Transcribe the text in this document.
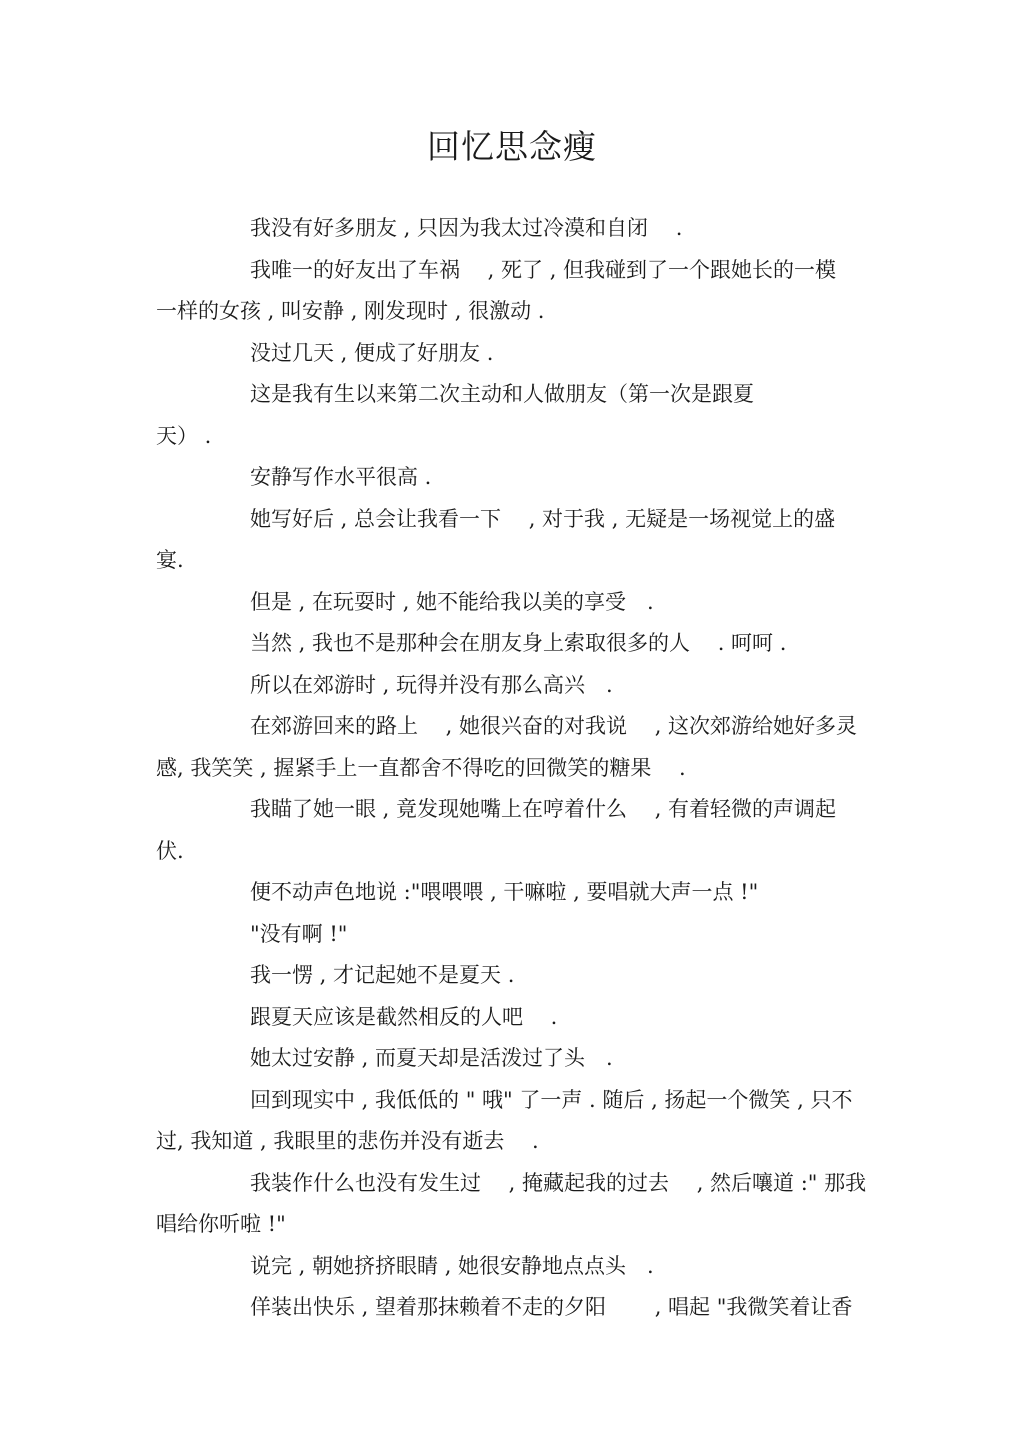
回忆思念瘦

我没有好多朋友 , 只因为我太过冷漠和自闭　 .

我唯一的好友出了车祸　 , 死了 , 但我碰到了一个跟她长的一模
一样的女孩 , 叫安静 , 刚发现时 , 很激动 .

没过几天 , 便成了好朋友 .

这是我有生以来第二次主动和人做朋友（第一次是跟夏
天） .

安静写作水平很高 .

她写好后 , 总会让我看一下　 , 对于我 , 无疑是一场视觉上的盛
宴.

但是 , 在玩耍时 , 她不能给我以美的享受　.

当然 , 我也不是那种会在朋友身上索取很多的人　 . 呵呵 .

所以在郊游时 , 玩得并没有那么高兴　.

在郊游回来的路上　 , 她很兴奋的对我说　 , 这次郊游给她好多灵
感, 我笑笑 , 握紧手上一直都舍不得吃的回微笑的糖果　 .

我瞄了她一眼 , 竟发现她嘴上在哼着什么　 , 有着轻微的声调起
伏.

便不动声色地说 :"喂喂喂 , 干嘛啦 , 要唱就大声一点 !"

"没有啊 !"

我一愣 , 才记起她不是夏天 .

跟夏天应该是截然相反的人吧　 .

她太过安静 , 而夏天却是活泼过了头　.

回到现实中 , 我低低的 " 哦" 了一声 . 随后 , 扬起一个微笑 , 只不
过, 我知道 , 我眼里的悲伤并没有逝去　 .

我装作什么也没有发生过　 , 掩藏起我的过去　 , 然后嚷道 :" 那我
唱给你听啦 !"

说完 , 朝她挤挤眼睛 , 她很安静地点点头　.

佯装出快乐 , 望着那抹赖着不走的夕阳　　 , 唱起 "我微笑着让香
